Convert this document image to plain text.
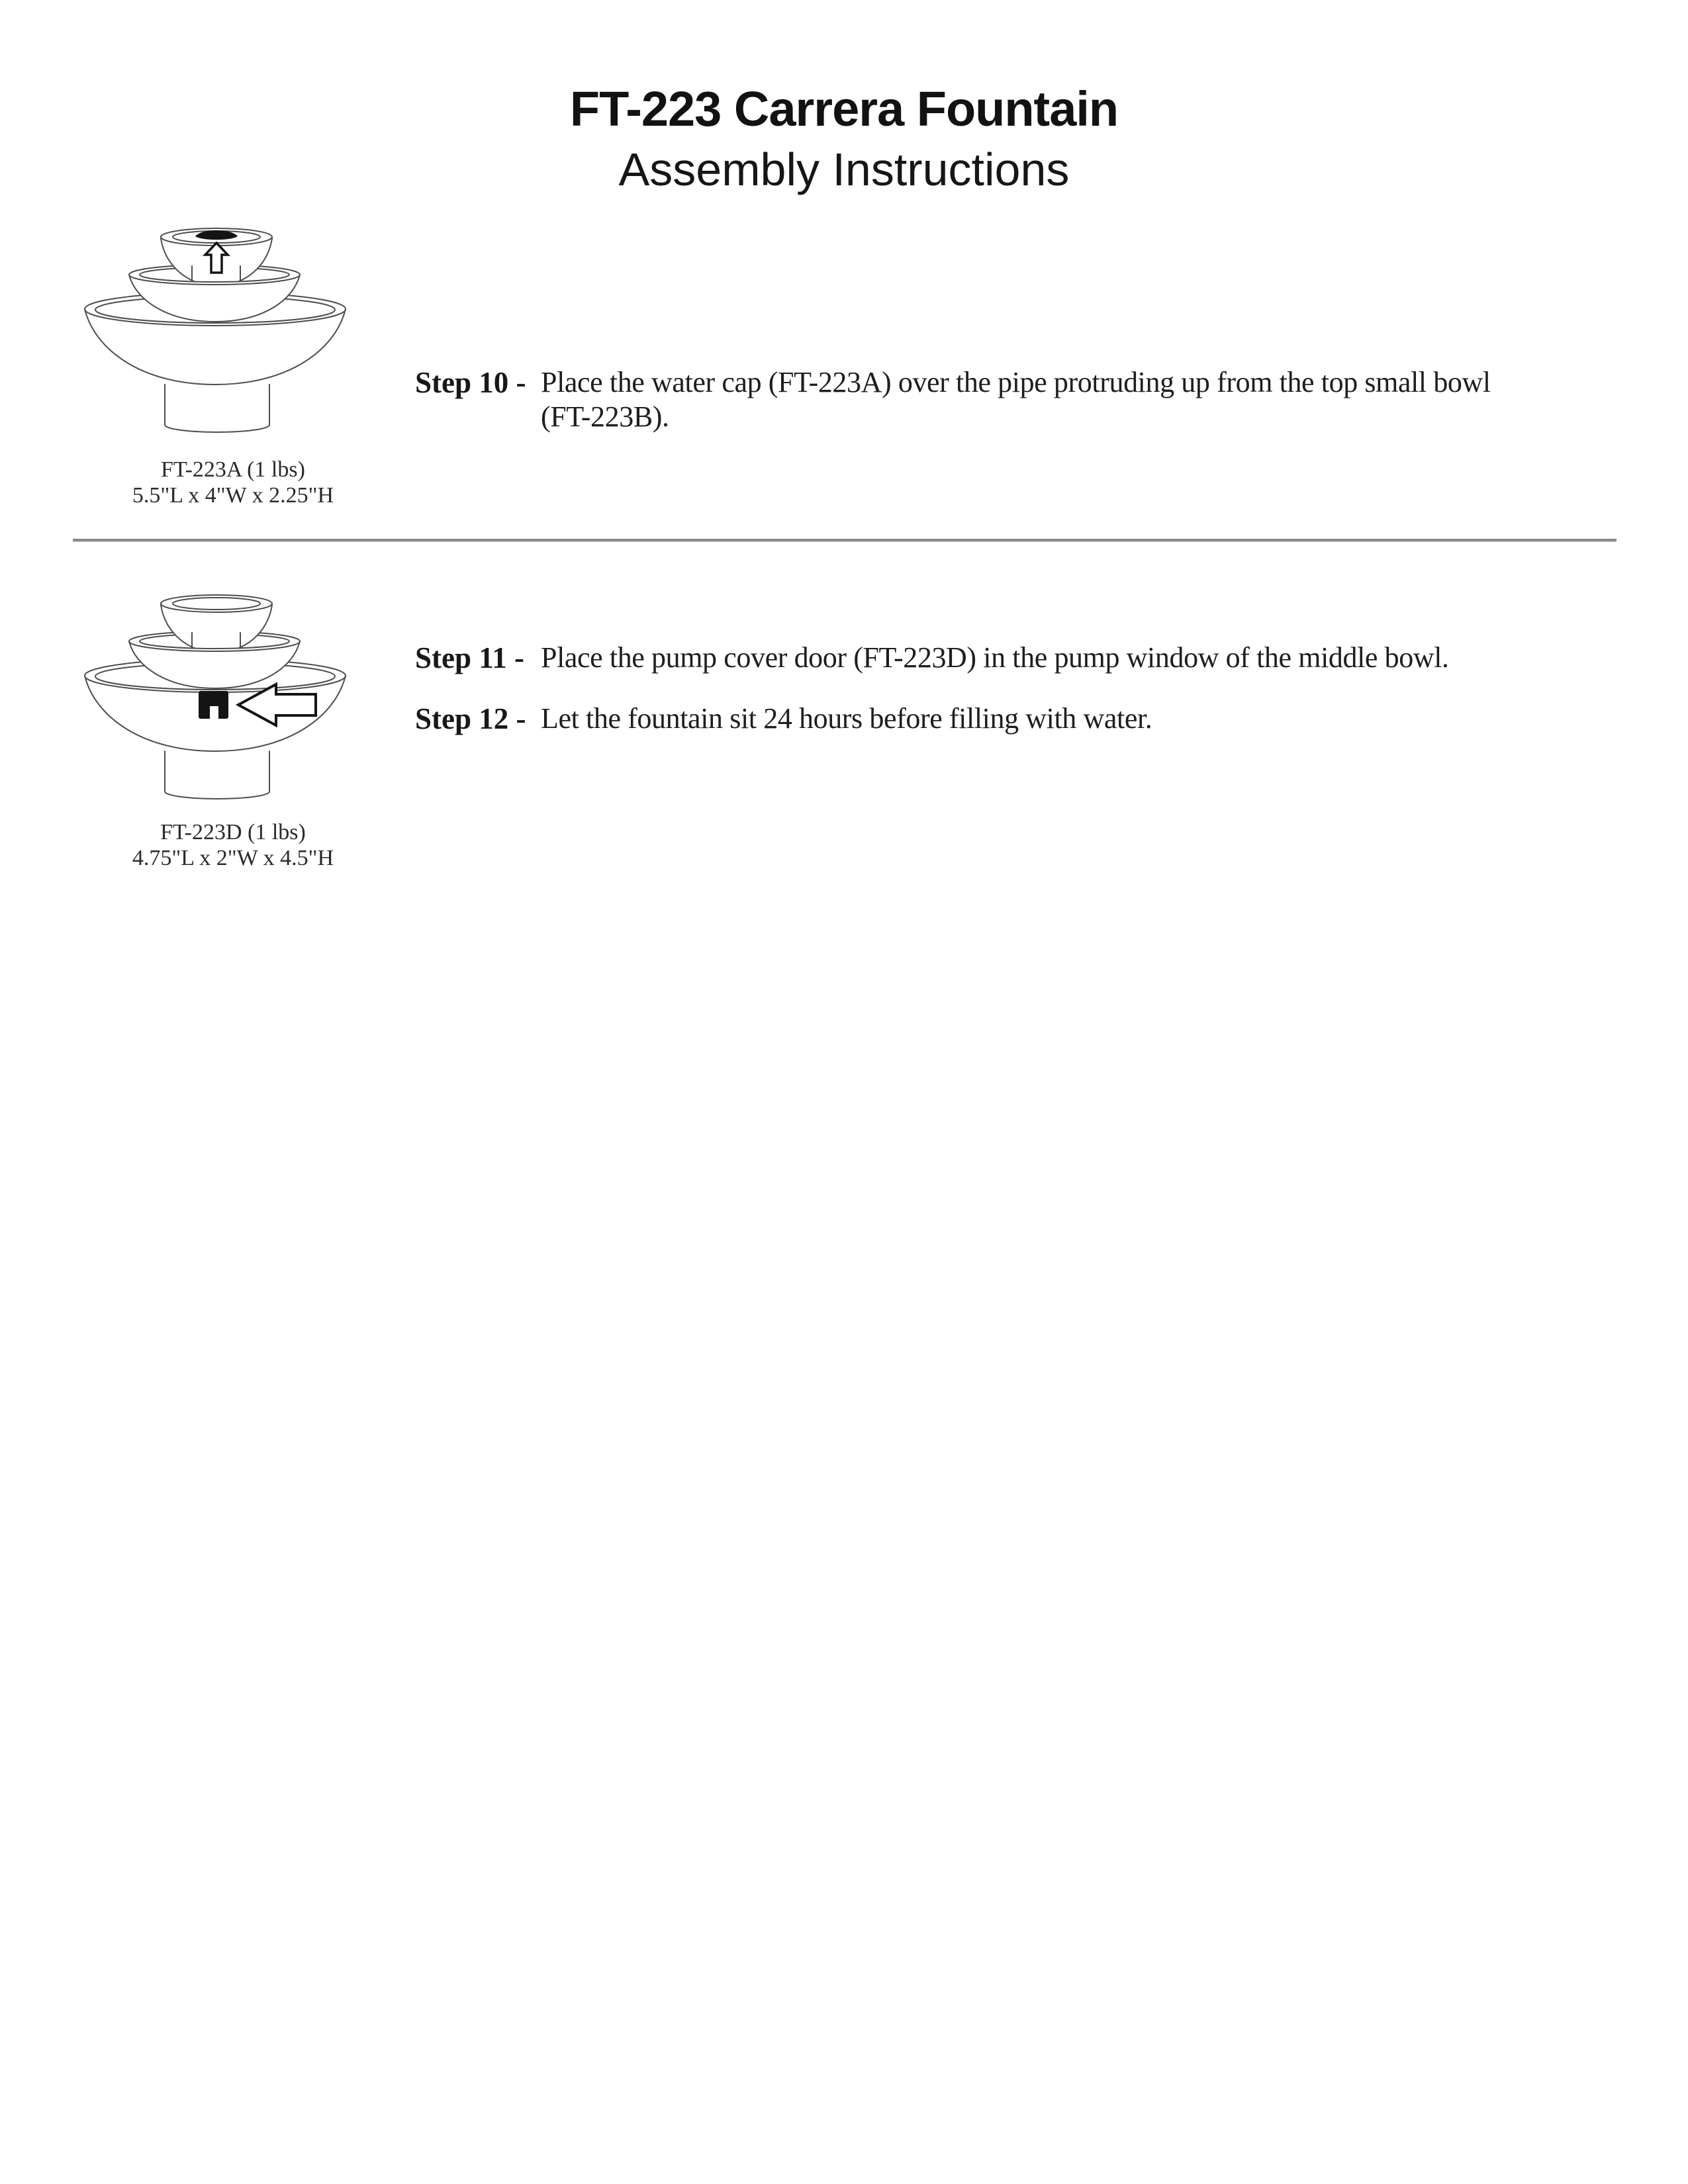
FT-223 Carrera Fountain
Assembly Instructions
FT-223A (1 lbs)
5.5"L x 4"W x 2.25"H
Step 10 - Place the water cap (FT-223A) over the pipe protruding up from the top small bowl
(FT-223B).
FT-223D (1 lbs)
4.75"L x 2"W x 4.5"H
Step 11 - Place the pump cover door (FT-223D) in the pump window of the middle bowl.
Step 12 - Let the fountain sit 24 hours before filling with water.
